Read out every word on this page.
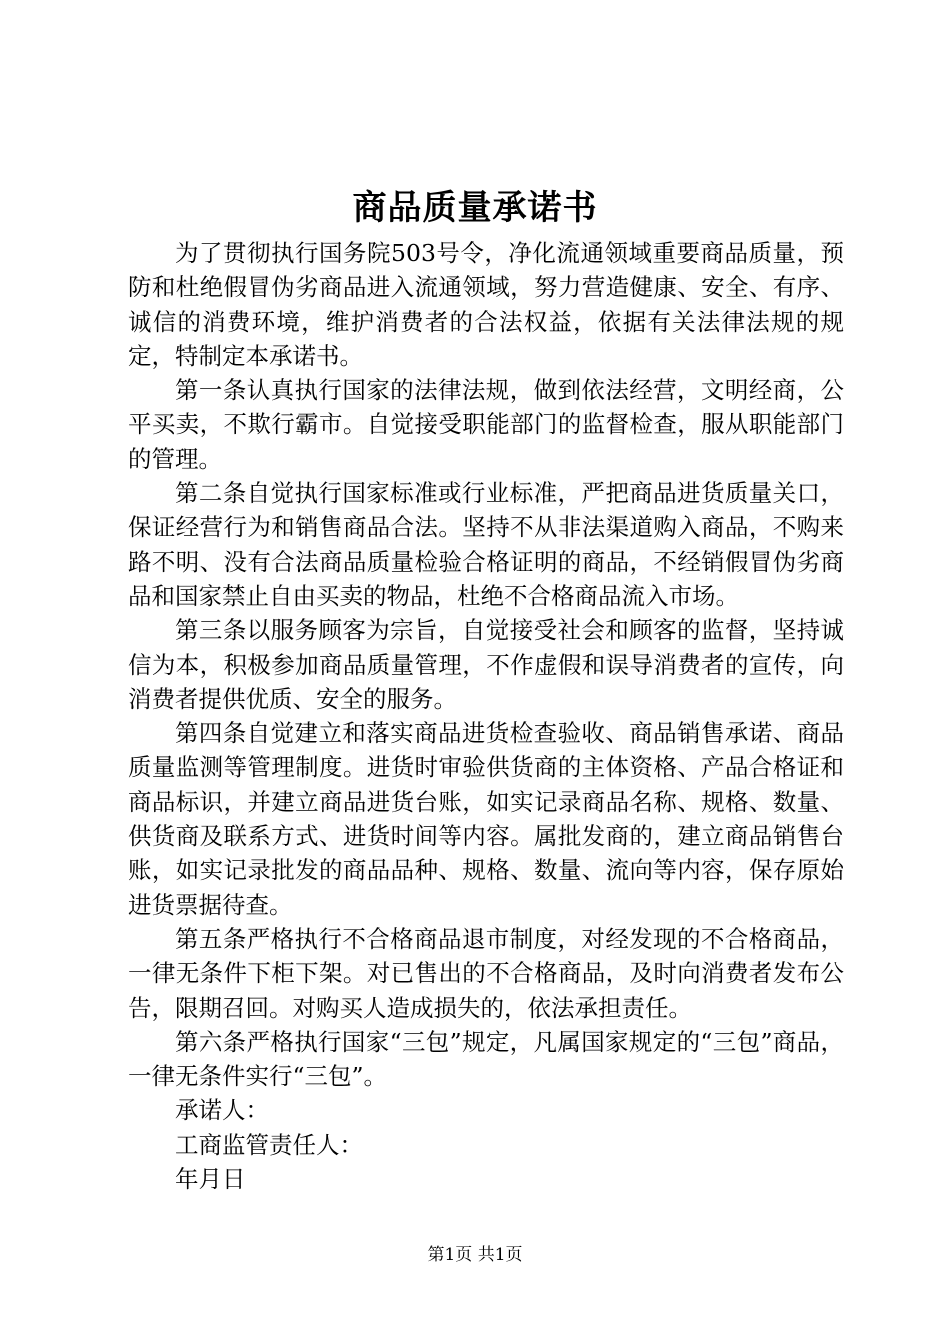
商品质量承诺书

为了贯彻执行国务院503号令，净化流通领域重要商品质量，预防和杜绝假冒伪劣商品进入流通领域，努力营造健康、安全、有序、诚信的消费环境，维护消费者的合法权益，依据有关法律法规的规定，特制定本承诺书。

第一条认真执行国家的法律法规，做到依法经营，文明经商，公平买卖，不欺行霸市。自觉接受职能部门的监督检查，服从职能部门的管理。

第二条自觉执行国家标准或行业标准，严把商品进货质量关口，保证经营行为和销售商品合法。坚持不从非法渠道购入商品，不购来路不明、没有合法商品质量检验合格证明的商品，不经销假冒伪劣商品和国家禁止自由买卖的物品，杜绝不合格商品流入市场。

第三条以服务顾客为宗旨，自觉接受社会和顾客的监督，坚持诚信为本，积极参加商品质量管理，不作虚假和误导消费者的宣传，向消费者提供优质、安全的服务。

第四条自觉建立和落实商品进货检查验收、商品销售承诺、商品质量监测等管理制度。进货时审验供货商的主体资格、产品合格证和商品标识，并建立商品进货台账，如实记录商品名称、规格、数量、供货商及联系方式、进货时间等内容。属批发商的，建立商品销售台账，如实记录批发的商品品种、规格、数量、流向等内容，保存原始进货票据待查。

第五条严格执行不合格商品退市制度，对经发现的不合格商品，一律无条件下柜下架。对已售出的不合格商品，及时向消费者发布公告，限期召回。对购买人造成损失的，依法承担责任。

第六条严格执行国家“三包”规定，凡属国家规定的“三包”商品，一律无条件实行“三包”。

承诺人：

工商监管责任人：

年月日

第1页 共1页
